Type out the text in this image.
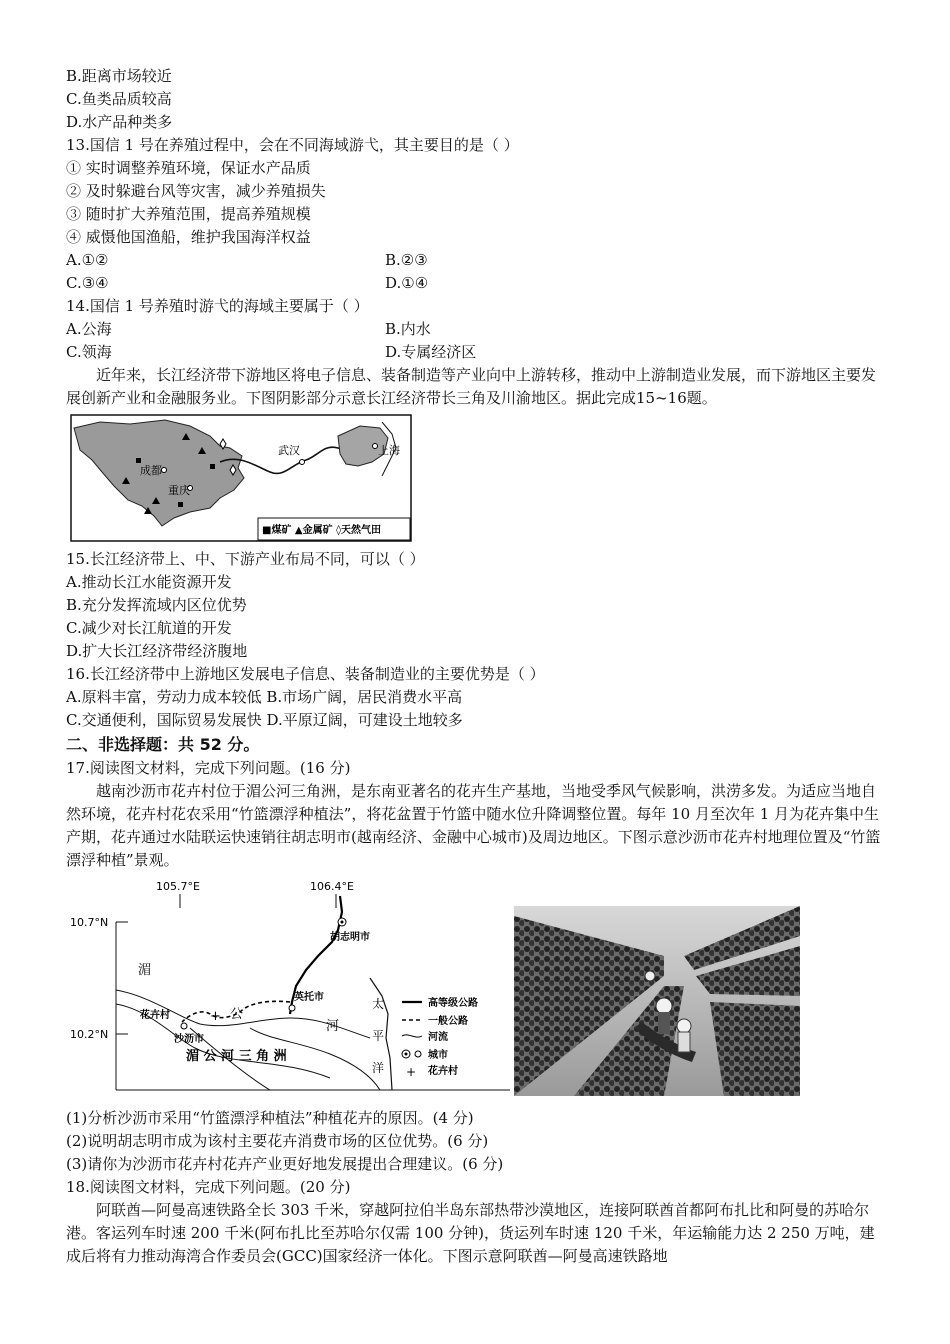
B.距离市场较近
C.鱼类品质较高
D.水产品种类多
13.国信 1 号在养殖过程中，会在不同海域游弋，其主要目的是（ ）
① 实时调整养殖环境，保证水产品质
② 及时躲避台风等灾害，减少养殖损失
③ 随时扩大养殖范围，提高养殖规模
④ 威慑他国渔船，维护我国海洋权益
A.①②	B.②③
C.③④	D.①④
14.国信 1 号养殖时游弋的海域主要属于（ ）
A.公海	B.内水
C.领海	D.专属经济区
近年来，长江经济带下游地区将电子信息、装备制造等产业向中上游转移，推动中上游制造业发展，而下游地区主要发展创新产业和金融服务业。下图阴影部分示意长江经济带长三角及川渝地区。据此完成15~16题。
成都
重庆
武汉	上海
■煤矿 ▲金属矿 ◊天然气田
15.长江经济带上、中、下游产业布局不同，可以（ ）
A.推动长江水能资源开发
B.充分发挥流域内区位优势
C.减少对长江航道的开发
D.扩大长江经济带经济腹地
16.长江经济带中上游地区发展电子信息、装备制造业的主要优势是（ ）
A.原料丰富，劳动力成本较低 B.市场广阔，居民消费水平高
C.交通便利，国际贸易发展快 D.平原辽阔，可建设土地较多
二、非选择题：共 52 分。
17.阅读图文材料，完成下列问题。(16 分)
越南沙沥市花卉村位于湄公河三角洲，是东南亚著名的花卉生产基地，当地受季风气候影响，洪涝多发。为适应当地自然环境，花卉村花农采用“竹篮漂浮种植法”，将花盆置于竹篮中随水位升降调整位置。每年 10 月至次年 1 月为花卉集中生产期，花卉通过水陆联运快速销往胡志明市(越南经济、金融中心城市)及周边地区。下图示意沙沥市花卉村地理位置及“竹篮漂浮种植”景观。
105.7°E	106.4°E
10.7°N
10.2°N
胡志明市
英托市
沙沥市
+
花卉村
湄
公
河
湄 公 河 三 角 洲
太
平
洋
高等级公路
一般公路
河流
城市
+ 花卉村
(1)分析沙沥市采用“竹篮漂浮种植法”种植花卉的原因。(4 分)
(2)说明胡志明市成为该村主要花卉消费市场的区位优势。(6 分)
(3)请你为沙沥市花卉村花卉产业更好地发展提出合理建议。(6 分)
18.阅读图文材料，完成下列问题。(20 分)
阿联酋—阿曼高速铁路全长 303 千米，穿越阿拉伯半岛东部热带沙漠地区，连接阿联酋首都阿布扎比和阿曼的苏哈尔港。客运列车时速 200 千米(阿布扎比至苏哈尔仅需 100 分钟)，货运列车时速 120 千米，年运输能力达 2 250 万吨，建成后将有力推动海湾合作委员会(GCC)国家经济一体化。下图示意阿联酋—阿曼高速铁路地
